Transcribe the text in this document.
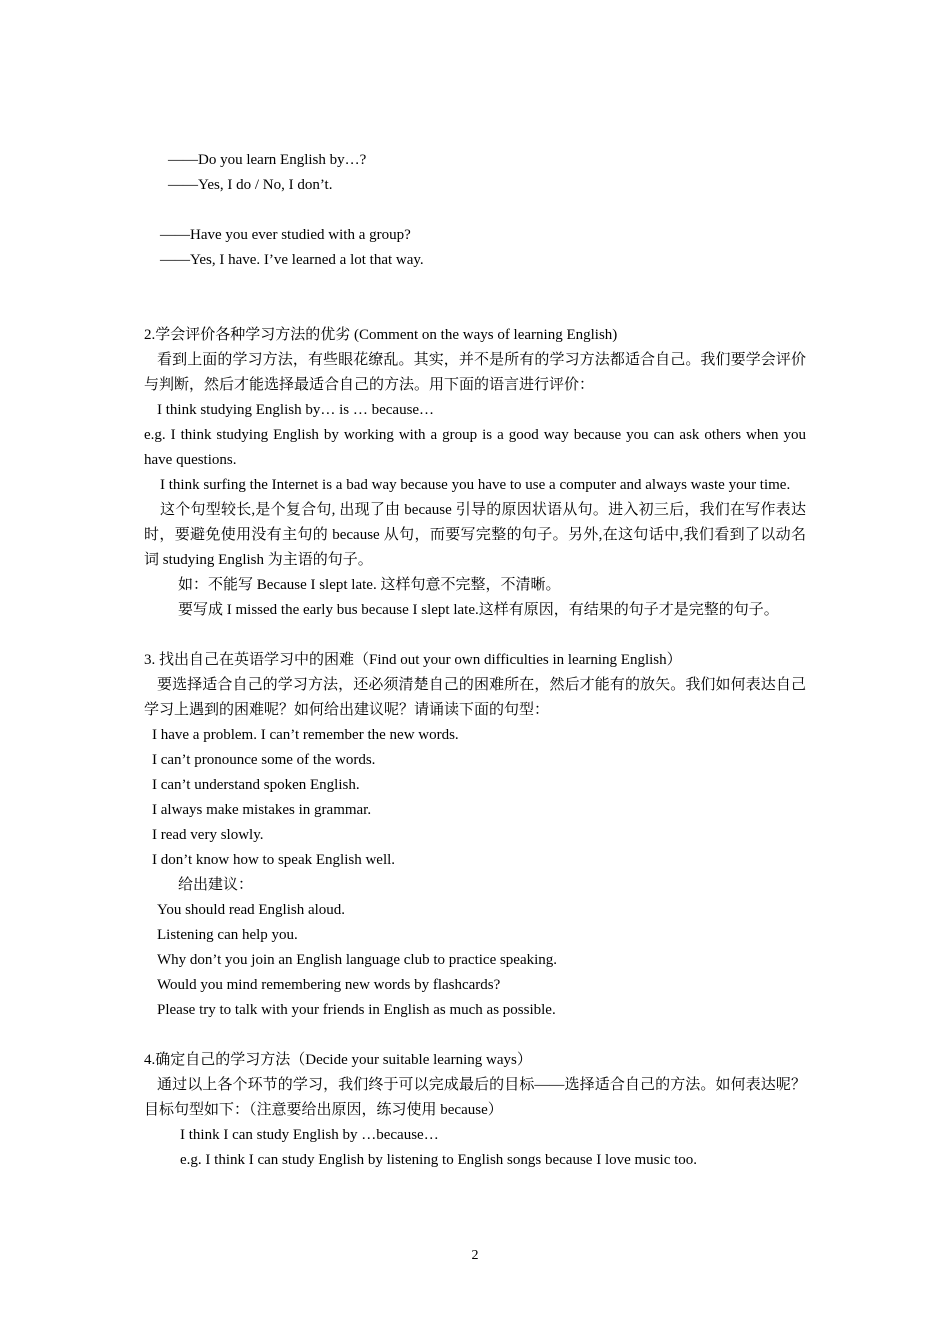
——Do you learn English by…?
——Yes, I do / No, I don’t.
——Have you ever studied with a group?
——Yes, I have. I’ve learned a lot that way.
2.学会评价各种学习方法的优劣 (Comment on the ways of learning English)
看到上面的学习方法，有些眼花缭乱。其实，并不是所有的学习方法都适合自己。我们要学会评价与判断，然后才能选择最适合自己的方法。用下面的语言进行评价：
I think studying English by… is … because…
e.g. I think studying English by working with a group is a good way because you can ask others when you have questions.
I think surfing the Internet is a bad way because you have to use a computer and always waste your time.
这个句型较长,是个复合句, 出现了由 because 引导的原因状语从句。进入初三后，我们在写作表达时，要避免使用没有主句的 because 从句，而要写完整的句子。另外,在这句话中,我们看到了以动名词 studying English 为主语的句子。
如：不能写 Because I slept late. 这样句意不完整，不清晰。
要写成 I missed the early bus because I slept late.这样有原因，有结果的句子才是完整的句子。
3. 找出自己在英语学习中的困难（Find out your own difficulties in learning English）
要选择适合自己的学习方法，还必须清楚自己的困难所在，然后才能有的放矢。我们如何表达自己学习上遇到的困难呢？如何给出建议呢？请诵读下面的句型：
I have a problem. I can’t remember the new words.
I can’t pronounce some of the words.
I can’t understand spoken English.
I always make mistakes in grammar.
I read very slowly.
I don’t know how to speak English well.
给出建议：
You should read English aloud.
Listening can help you.
Why don’t you join an English language club to practice speaking.
Would you mind remembering new words by flashcards?
Please try to talk with your friends in English as much as possible.
4.确定自己的学习方法（Decide your suitable learning ways）
通过以上各个环节的学习，我们终于可以完成最后的目标——选择适合自己的方法。如何表达呢？目标句型如下：（注意要给出原因，练习使用 because）
I think I can study English by …because…
e.g. I think I can study English by listening to English songs because I love music too.
2
